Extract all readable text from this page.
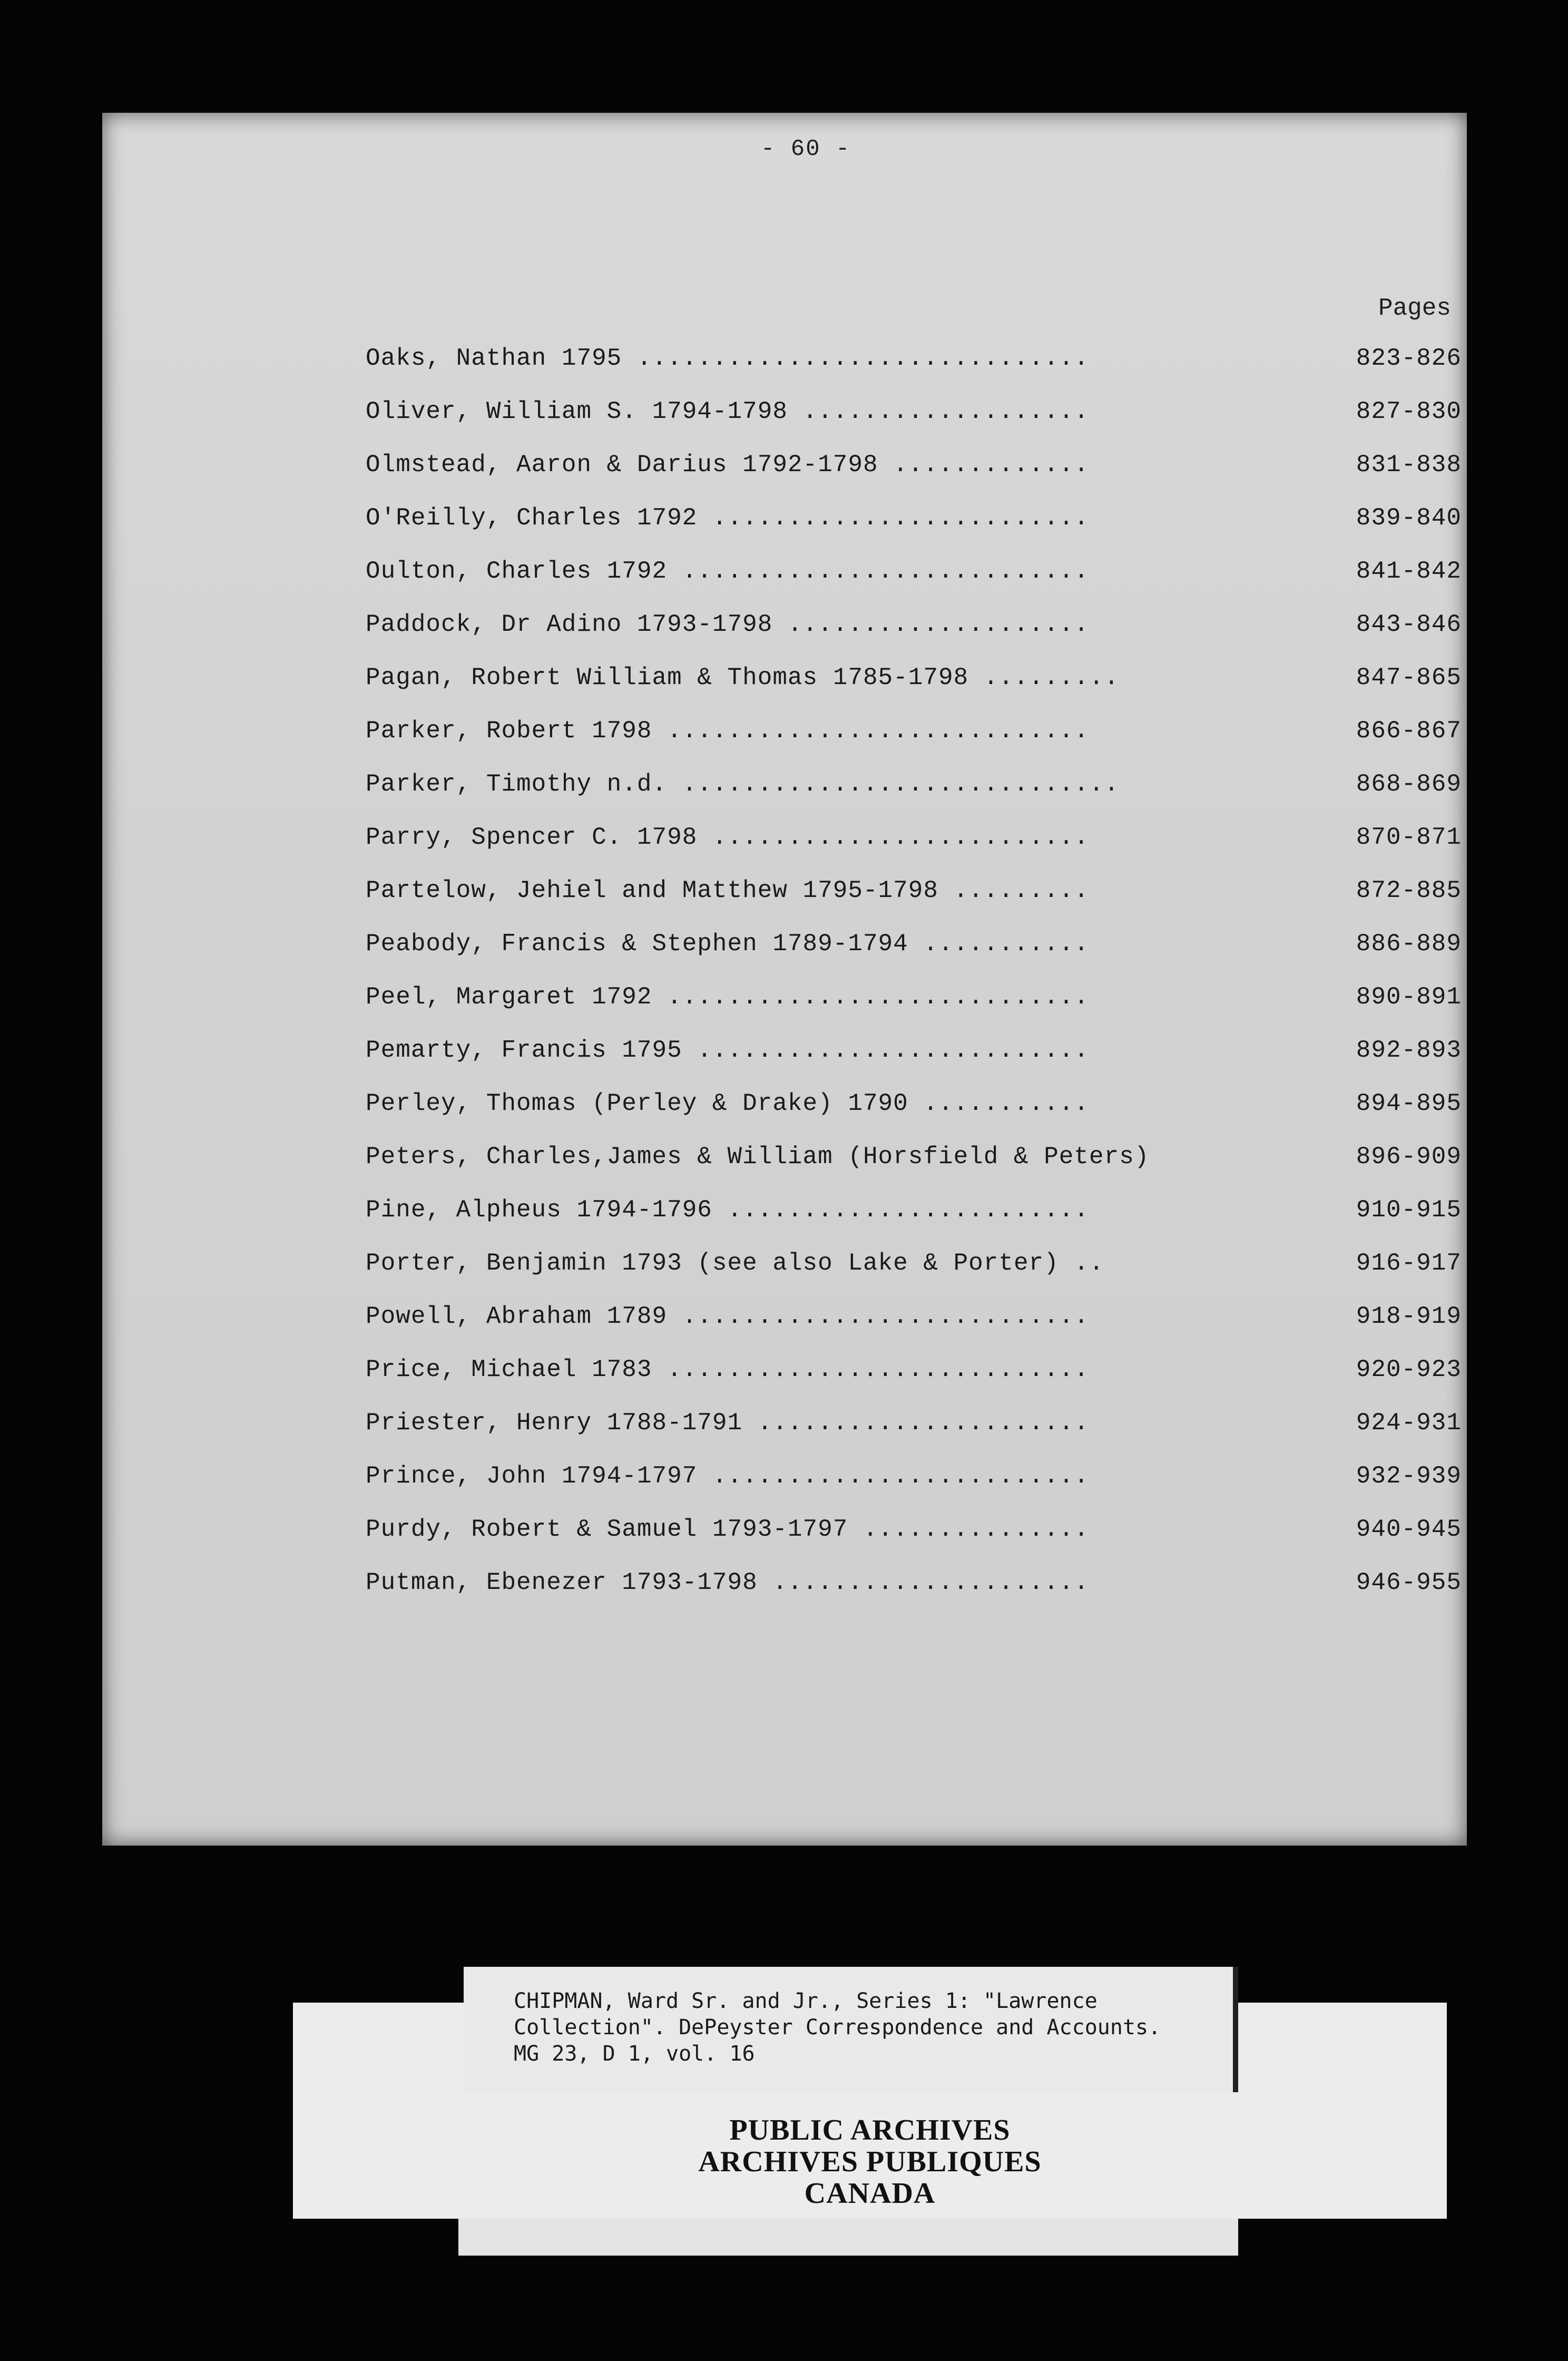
- 60 -
Pages
Oaks, Nathan 1795 ..............................	823-826
Oliver, William S. 1794-1798 ...................	827-830
Olmstead, Aaron & Darius 1792-1798 .............	831-838
O'Reilly, Charles 1792 .........................	839-840
Oulton, Charles 1792 ...........................	841-842
Paddock, Dr Adino 1793-1798 ....................	843-846
Pagan, Robert William & Thomas 1785-1798 .........	847-865
Parker, Robert 1798 ............................	866-867
Parker, Timothy n.d. .............................	868-869
Parry, Spencer C. 1798 .........................	870-871
Partelow, Jehiel and Matthew 1795-1798 .........	872-885
Peabody, Francis & Stephen 1789-1794 ...........	886-889
Peel, Margaret 1792 ............................	890-891
Pemarty, Francis 1795 ..........................	892-893
Perley, Thomas (Perley & Drake) 1790 ...........	894-895
Peters, Charles,James & William (Horsfield & Peters)	896-909
Pine, Alpheus 1794-1796 ........................	910-915
Porter, Benjamin 1793 (see also Lake & Porter) ..	916-917
Powell, Abraham 1789 ...........................	918-919
Price, Michael 1783 ............................	920-923
Priester, Henry 1788-1791 ......................	924-931
Prince, John 1794-1797 .........................	932-939
Purdy, Robert & Samuel 1793-1797 ...............	940-945
Putman, Ebenezer 1793-1798 .....................	946-955
PUBLIC ARCHIVES
ARCHIVES PUBLIQUES
CANADA
CHIPMAN, Ward Sr. and Jr., Series 1: "Lawrence
Collection". DePeyster Correspondence and Accounts.
MG 23, D 1, vol. 16
